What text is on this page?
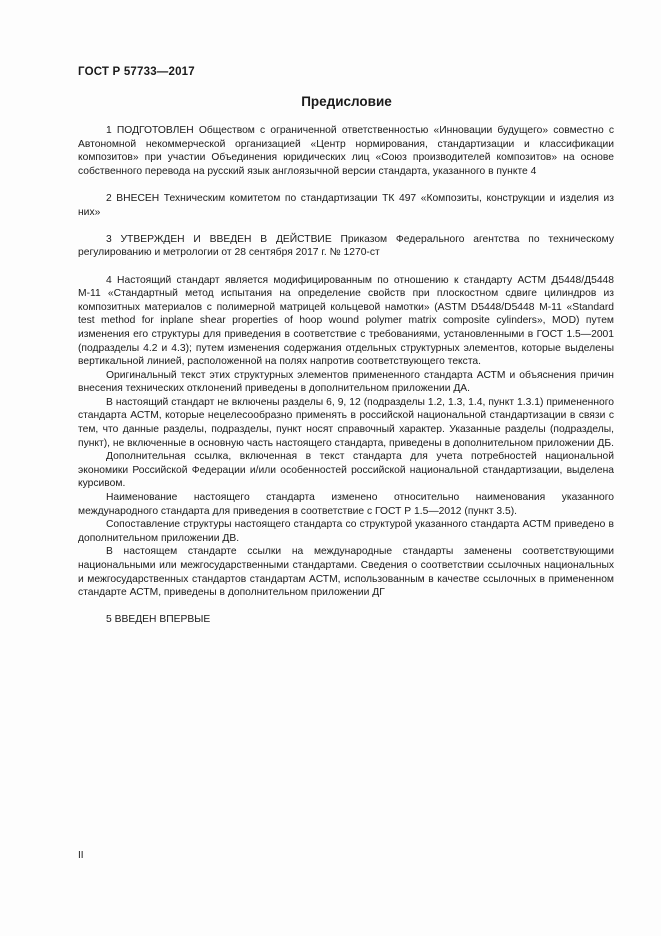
ГОСТ Р 57733—2017
Предисловие

1 ПОДГОТОВЛЕН Обществом с ограниченной ответственностью «Инновации будущего» совместно с Автономной некоммерческой организацией «Центр нормирования, стандартизации и классификации композитов» при участии Объединения юридических лиц «Союз производителей композитов» на основе собственного перевода на русский язык англоязычной версии стандарта, указанного в пункте 4

2 ВНЕСЕН Техническим комитетом по стандартизации ТК 497 «Композиты, конструкции и изделия из них»

3 УТВЕРЖДЕН И ВВЕДЕН В ДЕЙСТВИЕ Приказом Федерального агентства по техническому регулированию и метрологии от 28 сентября 2017 г. № 1270-ст

4 Настоящий стандарт является модифицированным по отношению к стандарту АСТМ Д5448/Д5448 М-11 «Стандартный метод испытания на определение свойств при плоскостном сдвиге цилиндров из композитных материалов с полимерной матрицей кольцевой намотки» (ASTM D5448/D5448 M-11 «Standard test method for inplane shear properties of hoop wound polymer matrix composite cylinders», MOD) путем изменения его структуры для приведения в соответствие с требованиями, установленными в ГОСТ 1.5—2001 (подразделы 4.2 и 4.3); путем изменения содержания отдельных структурных элементов, которые выделены вертикальной линией, расположенной на полях напротив соответствующего текста.

Оригинальный текст этих структурных элементов примененного стандарта АСТМ и объяснения причин внесения технических отклонений приведены в дополнительном приложении ДА.

В настоящий стандарт не включены разделы 6, 9, 12 (подразделы 1.2, 1.3, 1.4, пункт 1.3.1) примененного стандарта АСТМ, которые нецелесообразно применять в российской национальной стандартизации в связи с тем, что данные разделы, подразделы, пункт носят справочный характер. Указанные разделы (подразделы, пункт), не включенные в основную часть настоящего стандарта, приведены в дополнительном приложении ДБ.

Дополнительная ссылка, включенная в текст стандарта для учета потребностей национальной экономики Российской Федерации и/или особенностей российской национальной стандартизации, выделена курсивом.

Наименование настоящего стандарта изменено относительно наименования указанного международного стандарта для приведения в соответствие с ГОСТ Р 1.5—2012 (пункт 3.5).

Сопоставление структуры настоящего стандарта со структурой указанного стандарта АСТМ приведено в дополнительном приложении ДВ.

В настоящем стандарте ссылки на международные стандарты заменены соответствующими национальными или межгосударственными стандартами. Сведения о соответствии ссылочных национальных и межгосударственных стандартов стандартам АСТМ, использованным в качестве ссылочных в примененном стандарте АСТМ, приведены в дополнительном приложении ДГ

5 ВВЕДЕН ВПЕРВЫЕ

II
